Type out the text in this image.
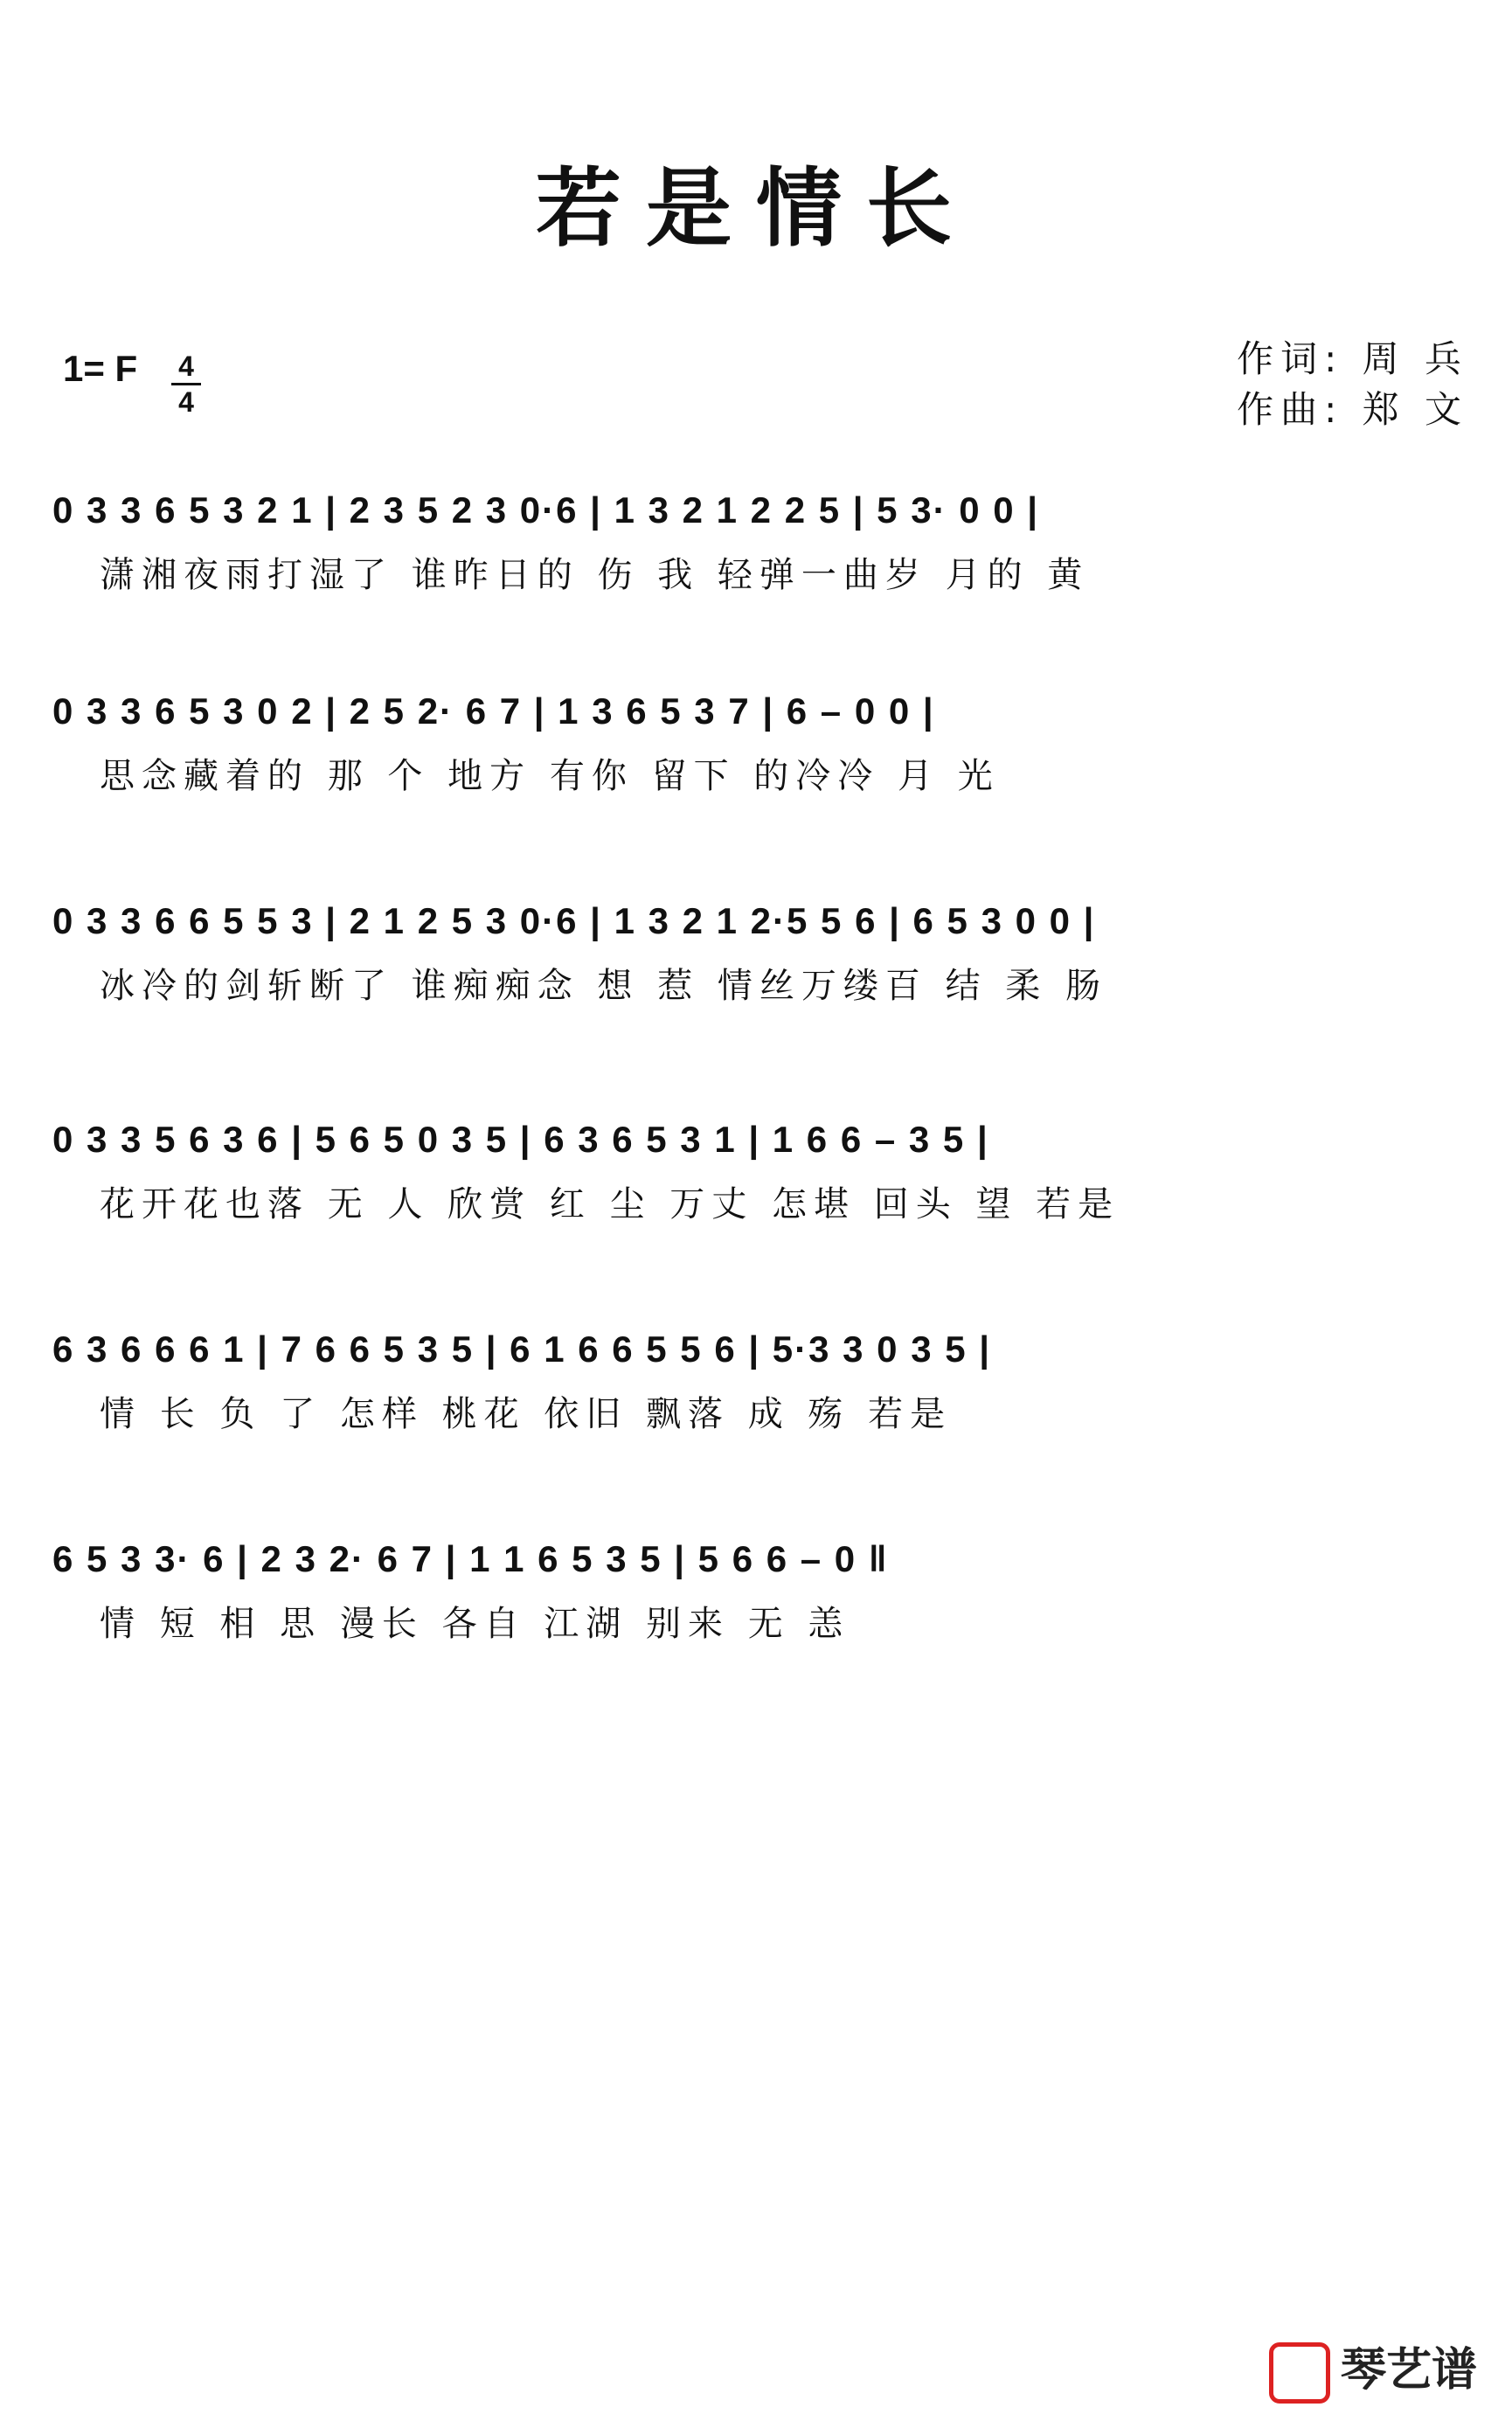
若是情长
1= F 4
4
作词: 周 兵
作曲: 郑 文
0 3 3 6 5 3 2 1 | 2 3 5 2 3 0·6 | 1 3 2 1 2 2 5 | 5 3· 0 0 |
潇湘夜雨打湿了 谁昨日的 伤 我 轻弹一曲岁 月的 黄
0 3 3 6 5 3 0 2 | 2 5 2· 6 7 | 1 3 6 5 3 7 | 6 – 0 0 |
思念藏着的 那 个 地方 有你 留下 的冷冷 月 光
0 3 3 6 6 5 5 3 | 2 1 2 5 3 0·6 | 1 3 2 1 2·5 5 6 | 6 5 3 0 0 |
冰冷的剑斩断了 谁痴痴念 想 惹 情丝万缕百 结 柔 肠
0 3 3 5 6 3 6 | 5 6 5 0 3 5 | 6 3 6 5 3 1 | 1 6 6 – 3 5 |
花开花也落 无 人 欣赏 红 尘 万丈 怎堪 回头 望 若是
6 3 6 6 6 1 | 7 6 6 5 3 5 | 6 1 6 6 5 5 6 | 5·3 3 0 3 5 |
情 长 负 了 怎样 桃花 依旧 飘落 成 殇 若是
6 5 3 3· 6 | 2 3 2· 6 7 | 1 1 6 5 3 5 | 5 6 6 – 0 ‖
情 短 相 思 漫长 各自 江湖 别来 无 恙
琴艺谱
